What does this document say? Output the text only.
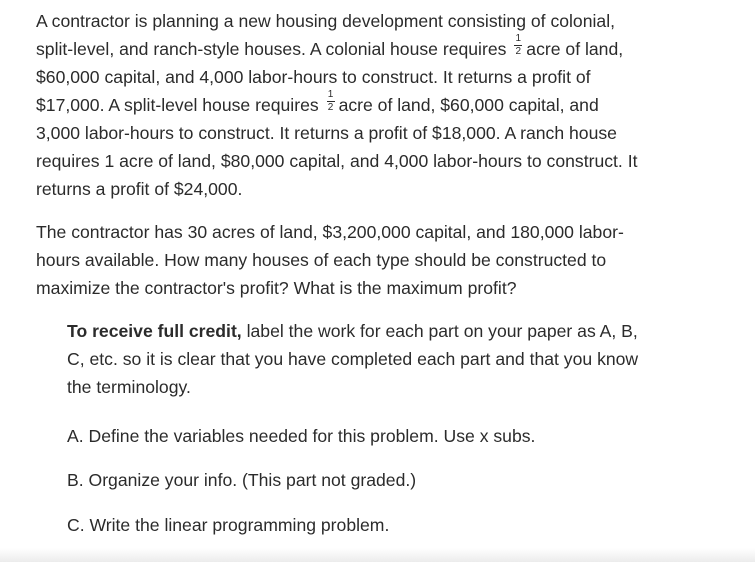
A contractor is planning a new housing development consisting of colonial,
split-level, and ranch-style houses. A colonial house requires $\frac{1}{2}$ acre of land,
$60,000 capital, and 4,000 labor-hours to construct. It returns a profit of
$17,000. A split-level house requires $\frac{1}{2}$ acre of land, $60,000 capital, and
3,000 labor-hours to construct. It returns a profit of $18,000. A ranch house
requires 1 acre of land, $80,000 capital, and 4,000 labor-hours to construct. It
returns a profit of $24,000.
The contractor has 30 acres of land, $3,200,000 capital, and 180,000 labor-
hours available. How many houses of each type should be constructed to
maximize the contractor's profit? What is the maximum profit?
To receive full credit, label the work for each part on your paper as A, B,
C, etc. so it is clear that you have completed each part and that you know
the terminology.
A. Define the variables needed for this problem. Use x subs.
B. Organize your info. (This part not graded.)
C. Write the linear programming problem.
